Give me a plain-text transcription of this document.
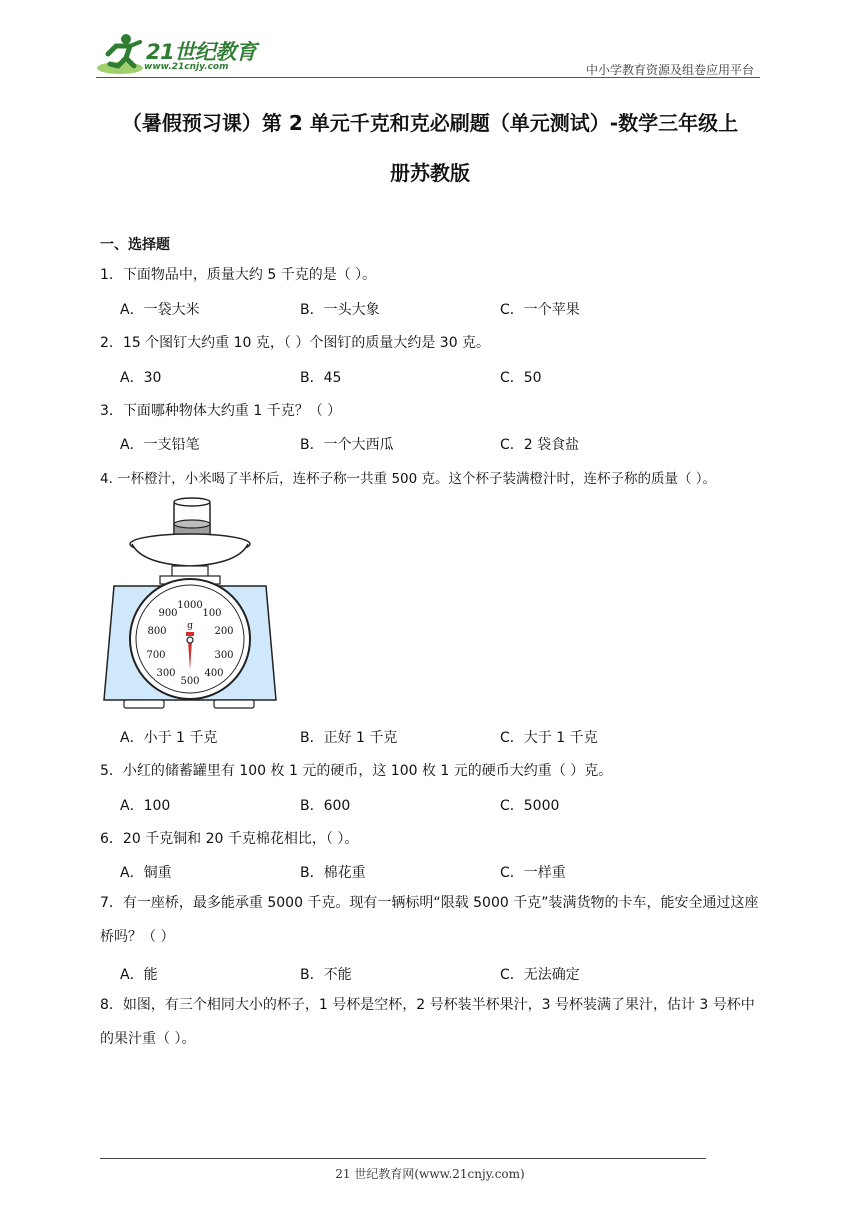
21世纪教育
www.21cnjy.com	中小学教育资源及组卷应用平台
（暑假预习课）第 2 单元千克和克必刷题（单元测试）-数学三年级上
册苏教版
一、选择题
1．下面物品中，质量大约 5 千克的是（ ）。
A．一袋大米	B．一头大象	C．一个苹果
2．15 个图钉大约重 10 克，（ ）个图钉的质量大约是 30 克。
A．30	B．45	C．50
3．下面哪种物体大约重 1 千克？（ ）
A．一支铅笔	B．一个大西瓜	C．2 袋食盐
4. 一杯橙汁，小米喝了半杯后，连杯子称一共重 500 克。这个杯子装满橙汁时，连杯子称的质量（ ）。
1000
100
200
300
400
500
300
700
800
900
g
A．小于 1 千克	B．正好 1 千克	C．大于 1 千克
5．小红的储蓄罐里有 100 枚 1 元的硬币，这 100 枚 1 元的硬币大约重（ ）克。
A．100	B．600	C．5000
6．20 千克铜和 20 千克棉花相比，（ ）。
A．铜重	B．棉花重	C．一样重
7．有一座桥，最多能承重 5000 千克。现有一辆标明“限载 5000 千克”装满货物的卡车，能安全通过这座桥吗？（ ）
A．能	B．不能	C．无法确定
8．如图，有三个相同大小的杯子，1 号杯是空杯，2 号杯装半杯果汁，3 号杯装满了果汁，估计 3 号杯中的果汁重（ ）。
21 世纪教育网(www.21cnjy.com)
